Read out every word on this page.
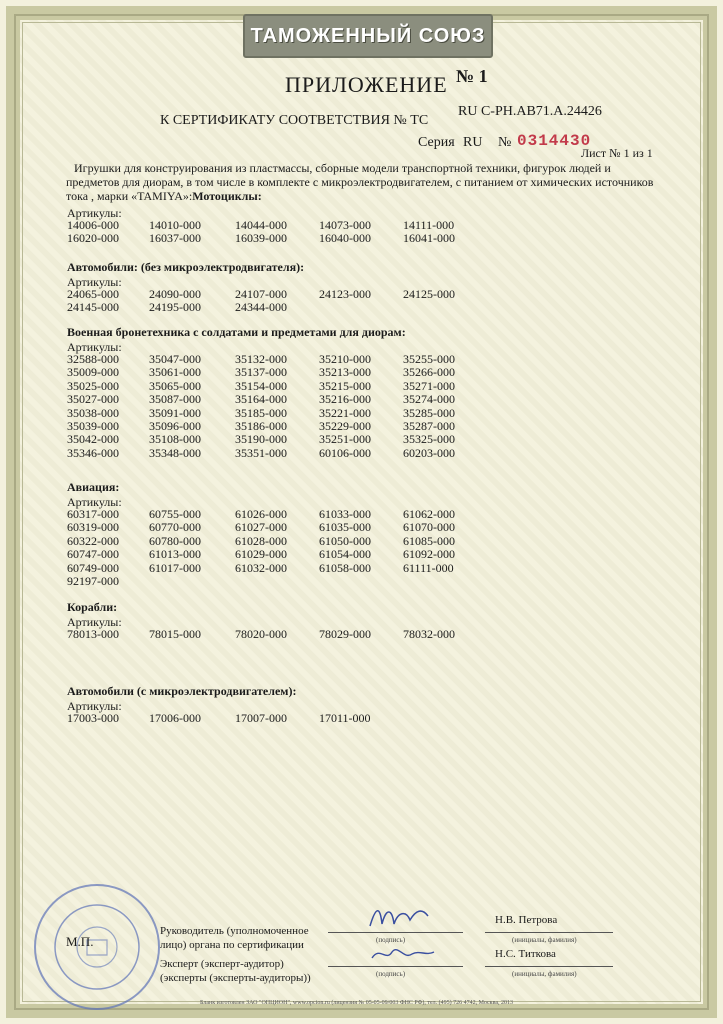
ТАМОЖЕННЫЙ СОЮЗ
ПРИЛОЖЕНИЕ № 1
К СЕРТИФИКАТУ СООТВЕТСТВИЯ № ТС
RU C-PH.AB71.A.24426
Серия RU № 0314430
Лист № 1 из 1
Игрушки для конструирования из пластмассы, сборные модели транспортной техники, фигурок людей и
предметов для диорам, в том числе в комплекте с микроэлектродвигателем, с питанием от химических источников
тока , марки «TAMIYA»:Мотоциклы:
Артикулы:
14006-000	14010-000	14044-000	14073-000	14111-000
16020-000	16037-000	16039-000	16040-000	16041-000
Автомобили: (без микроэлектродвигателя):
Артикулы:
24065-000	24090-000	24107-000	24123-000	24125-000
24145-000	24195-000	24344-000
Военная бронетехника с солдатами и предметами для диорам:
Артикулы:
32588-000	35047-000	35132-000	35210-000	35255-000
35009-000	35061-000	35137-000	35213-000	35266-000
35025-000	35065-000	35154-000	35215-000	35271-000
35027-000	35087-000	35164-000	35216-000	35274-000
35038-000	35091-000	35185-000	35221-000	35285-000
35039-000	35096-000	35186-000	35229-000	35287-000
35042-000	35108-000	35190-000	35251-000	35325-000
35346-000	35348-000	35351-000	60106-000	60203-000
Авиация:
Артикулы:
60317-000	60755-000	61026-000	61033-000	61062-000
60319-000	60770-000	61027-000	61035-000	61070-000
60322-000	60780-000	61028-000	61050-000	61085-000
60747-000	61013-000	61029-000	61054-000	61092-000
60749-000	61017-000	61032-000	61058-000	61111-000
92197-000
Корабли:
Артикулы:
78013-000	78015-000	78020-000	78029-000	78032-000
Автомобили (с микроэлектродвигателем):
Артикулы:
17003-000	17006-000	17007-000	17011-000
М.П.
Руководитель (уполномоченное
лицо) органа по сертификации	(подпись)
Н.В. Петрова
(инициалы, фамилия)
Эксперт (эксперт-аудитор)
(эксперты (эксперты-аудиторы))	(подпись)
Н.С. Титкова
(инициалы, фамилия)
Бланк изготовлен ЗАО "ОПЦИОН", www.opcion.ru (лицензия № 05-05-09/003 ФНС РФ), тел. (495) 726 4742, Москва, 2013
